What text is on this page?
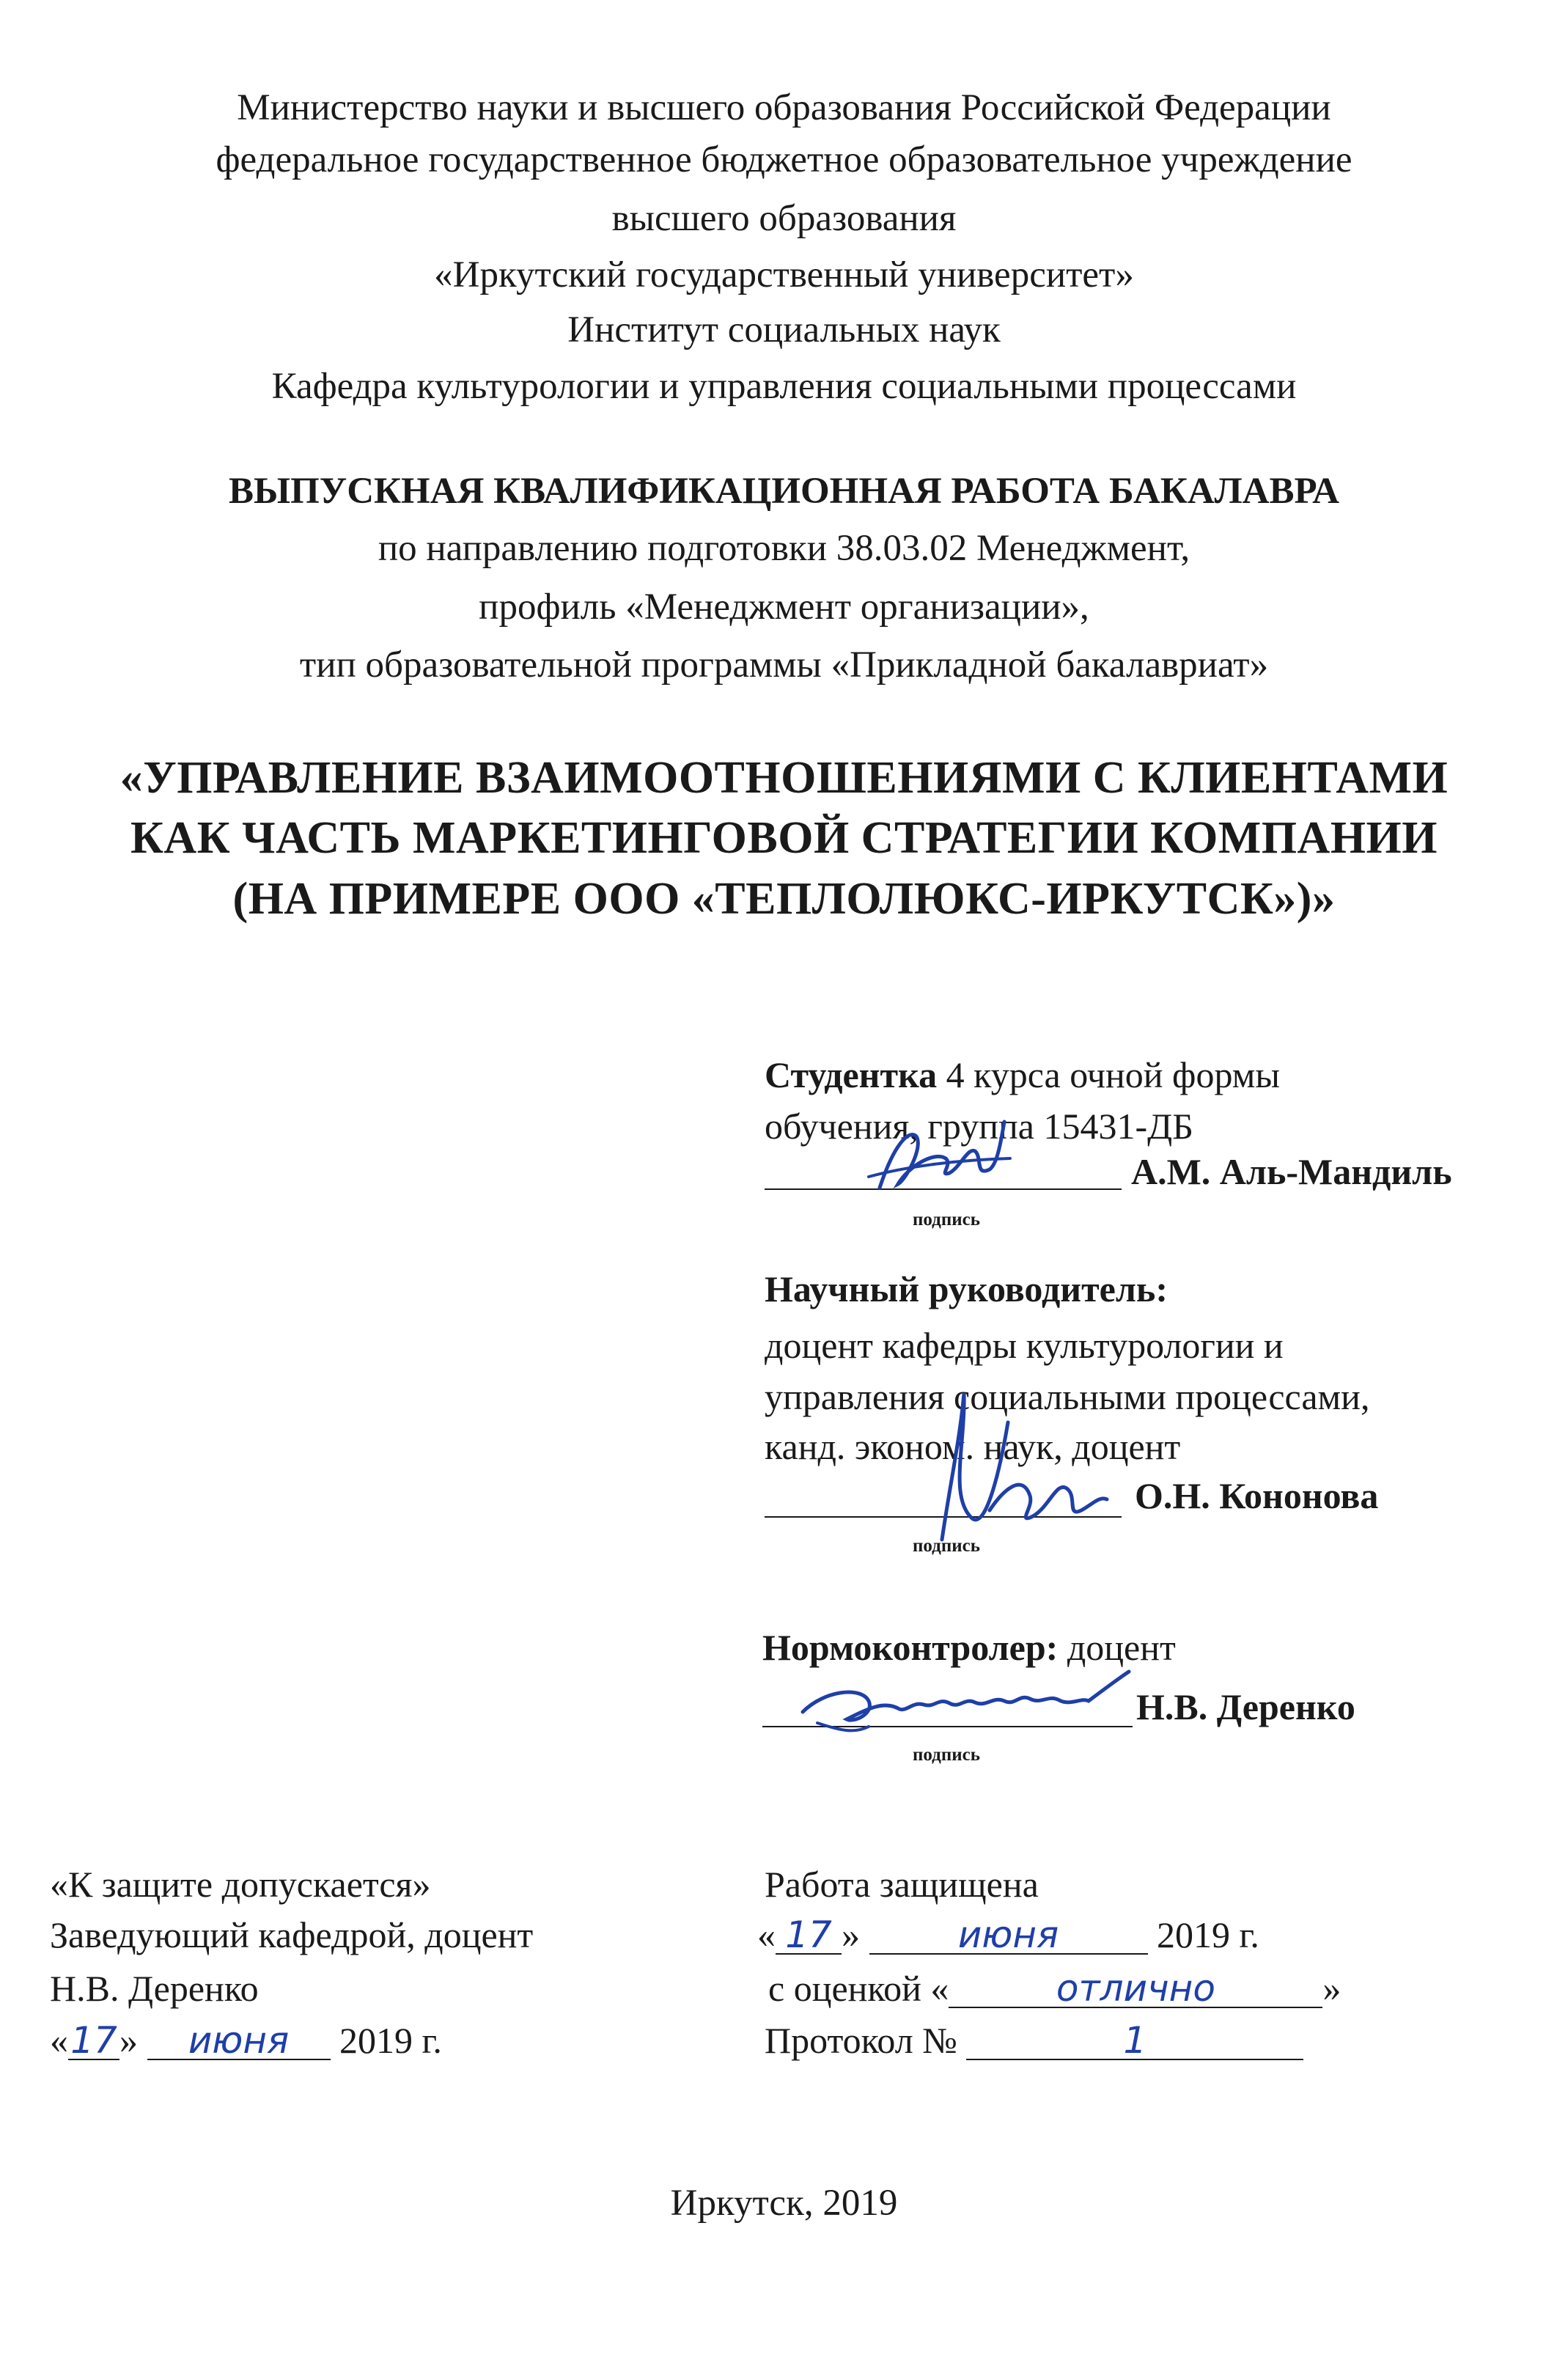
Министерство науки и высшего образования Российской Федерации
федеральное государственное бюджетное образовательное учреждение
высшего образования
«Иркутский государственный университет»
Институт социальных наук
Кафедра культурологии и управления социальными процессами
ВЫПУСКНАЯ КВАЛИФИКАЦИОННАЯ РАБОТА БАКАЛАВРА
по направлению подготовки 38.03.02 Менеджмент,
профиль «Менеджмент организации»,
тип образовательной программы «Прикладной бакалавриат»
«УПРАВЛЕНИЕ ВЗАИМООТНОШЕНИЯМИ С КЛИЕНТАМИ
КАК ЧАСТЬ МАРКЕТИНГОВОЙ СТРАТЕГИИ КОМПАНИИ
(НА ПРИМЕРЕ ООО «ТЕПЛОЛЮКС-ИРКУТСК»)»
Студентка 4 курса очной формы
обучения, группа 15431-ДБ
А.М. Аль-Мандиль
подпись
Научный руководитель:
доцент кафедры культурологии и
управления социальными процессами,
канд. эконом. наук, доцент
О.Н. Кононова
подпись
Нормоконтролер: доцент
Н.В. Деренко
подпись
«К защите допускается»
Заведующий кафедрой, доцент
Н.В. Деренко
«17» июня 2019 г.
Работа защищена
« 17 »	июня	2019 г.
с оценкой «	отлично	»
Протокол №	1
Иркутск, 2019
